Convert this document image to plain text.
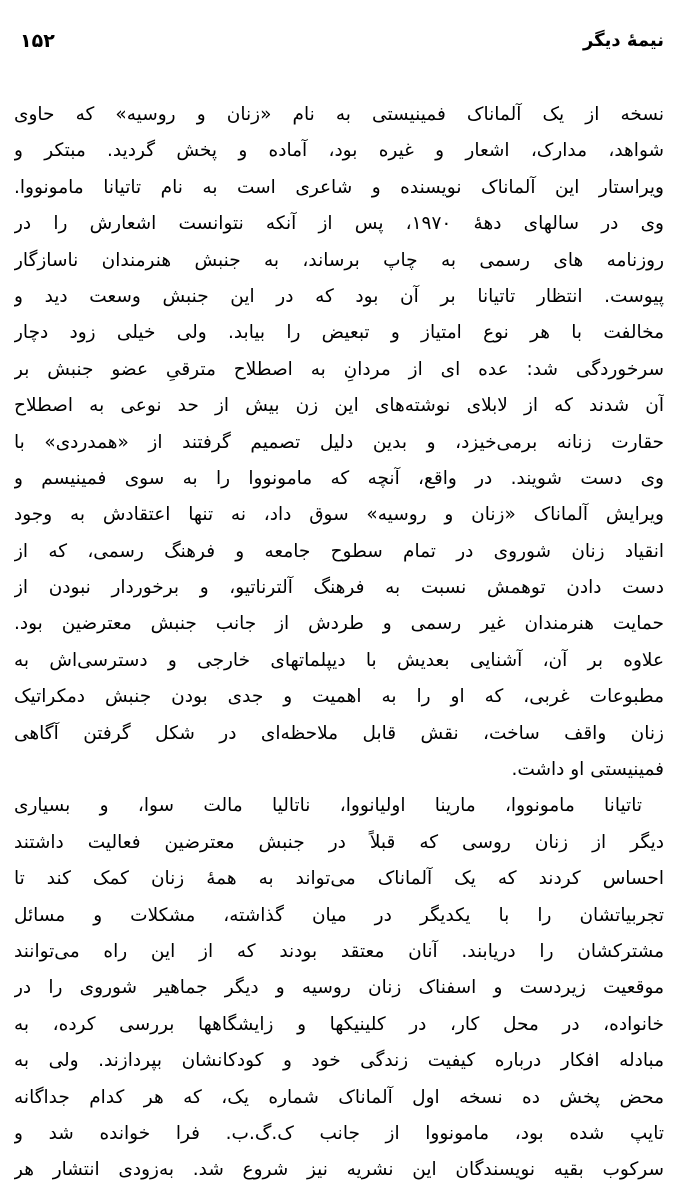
۱۵۲	نیمۀ دیگر
نسخه از یک آلماناک فمینیستی به نام «زنان و روسیه» که حاوی
شواهد، مدارک، اشعار و غیره بود، آماده و پخش گردید. مبتکر و
ویراستار این آلماناک نویسنده و شاعری است به نام تاتیانا مامونووا.
وی در سالهای دهۀ ۱۹۷۰، پس از آنکه نتوانست اشعارش را در
روزنامه های رسمی به چاپ برساند، به جنبش هنرمندان ناسازگار
پیوست. انتظار تاتیانا بر آن بود که در این جنبش وسعت دید و
مخالفت با هر نوع امتیاز و تبعیض را بیابد. ولی خیلی زود دچار
سرخوردگی شد: عده ای از مردانِ به اصطلاح مترقیِ عضو جنبش بر
آن شدند که از لابلای نوشته‌های این زن بیش از حد نوعی به اصطلاح
حقارت زنانه برمی‌خیزد، و بدین دلیل تصمیم گرفتند از «همدردی» با
وی دست شویند. در واقع، آنچه که مامونووا را به سوی فمینیسم و
ویرایش آلماناک «زنان و روسیه» سوق داد، نه تنها اعتقادش به وجود
انقیاد زنان شوروی در تمام سطوح جامعه و فرهنگ رسمی، که از
دست دادن توهمش نسبت به فرهنگ آلترناتیو، و برخوردار نبودن از
حمایت هنرمندان غیر رسمی و طردش از جانب جنبش معترضین بود.
علاوه بر آن، آشنایی بعدیش با دیپلماتهای خارجی و دسترسی‌اش به
مطبوعات غربی، که او را به اهمیت و جدی بودن جنبش دمکراتیک
زنان واقف ساخت، نقش قابل ملاحظه‌ای در شکل گرفتن آگاهی
فمینیستی او داشت.
تاتیانا مامونووا، مارینا اولیانووا، ناتالیا مالت سوا، و بسیاری
دیگر از زنان روسی که قبلاً در جنبش معترضین فعالیت داشتند
احساس کردند که یک آلماناک می‌تواند به همۀ زنان کمک کند تا
تجربیاتشان را با یکدیگر در میان گذاشته، مشکلات و مسائل
مشترکشان را دریابند. آنان معتقد بودند که از این راه می‌توانند
موقعیت زیردست و اسفناک زنان روسیه و دیگر جماهیر شوروی را در
خانواده، در محل کار، در کلینیکها و زایشگاهها بررسی کرده، به
مبادله افکار درباره کیفیت زندگی خود و کودکانشان بپردازند. ولی به
محض پخش ده نسخه اول آلماناک شماره یک، که هر کدام جداگانه
تایپ شده بود، مامونووا از جانب ک.گ.ب. فرا خوانده شد و
سرکوب بقیه نویسندگان این نشریه نیز شروع شد. به‌زودی انتشار هر
